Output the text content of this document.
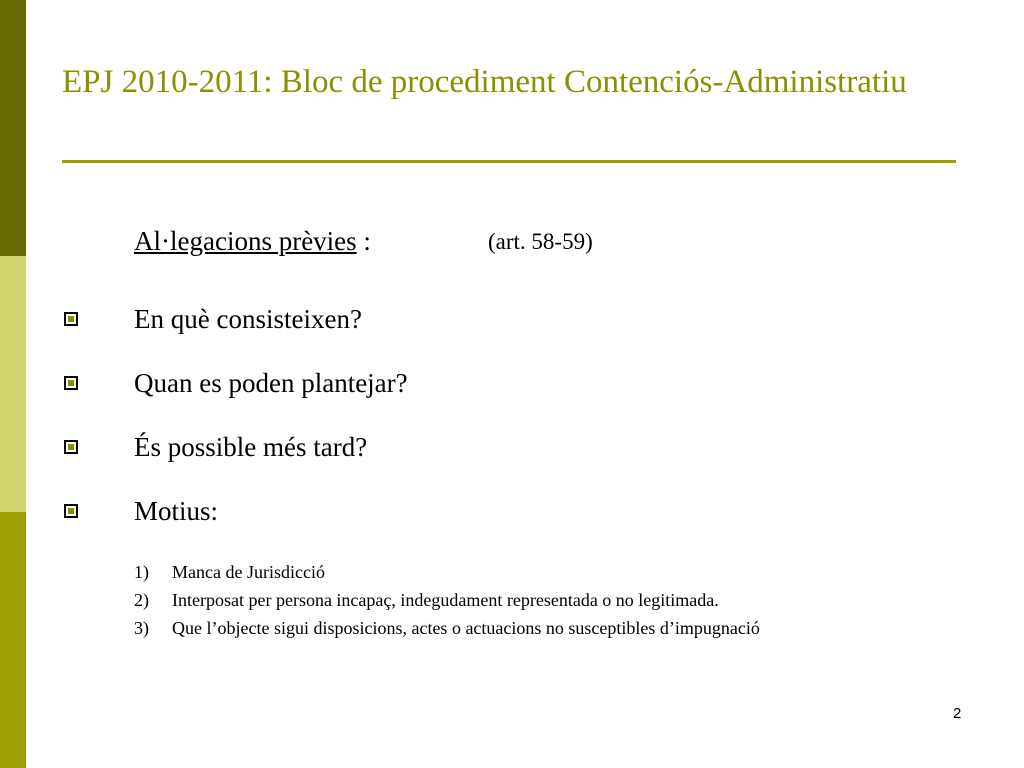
EPJ 2010-2011: Bloc de procediment Contenciós-Administratiu
Al·legacions prèvies :	(art. 58-59)
En què consisteixen?
Quan es poden plantejar?
És possible més tard?
Motius:
1) Manca de Jurisdicció
2) Interposat per persona incapaç, indegudament representada o no legitimada.
3) Que l’objecte sigui disposicions, actes o actuacions no susceptibles d’impugnació
2
